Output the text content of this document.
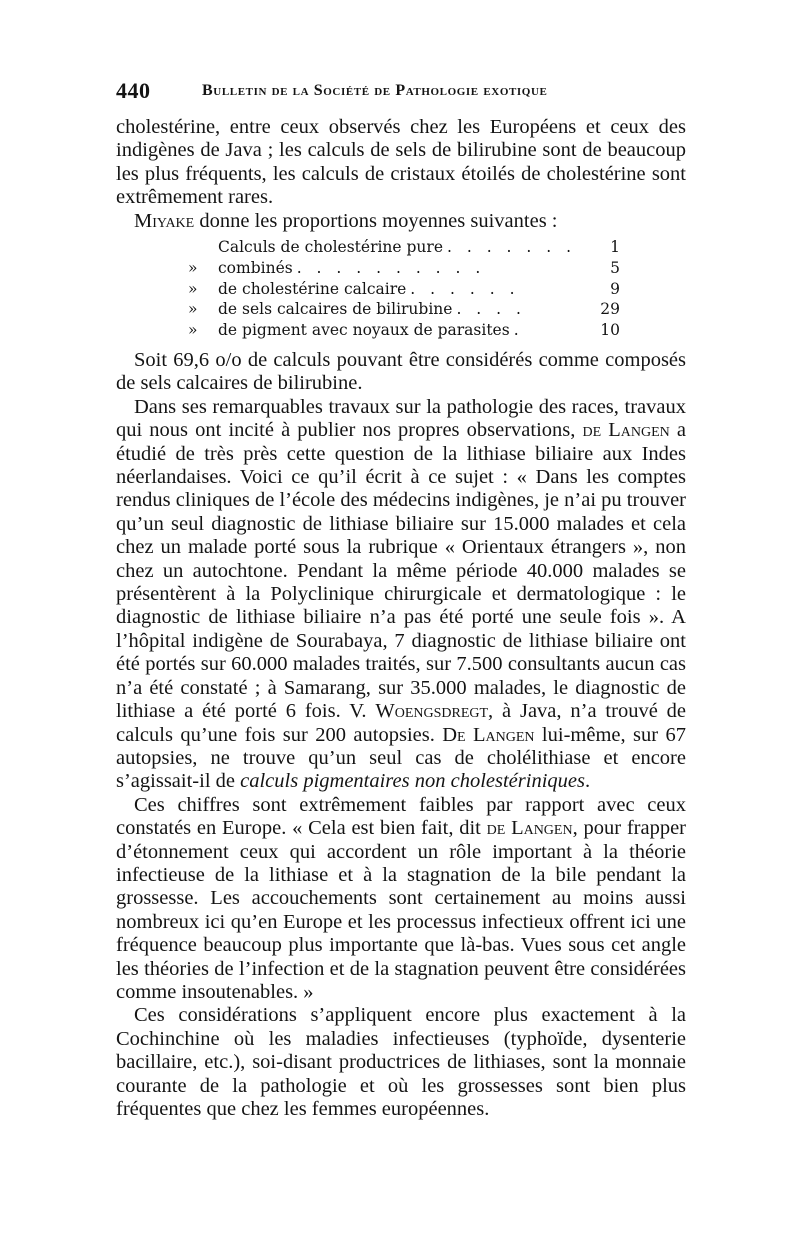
440	Bulletin de la Société de Pathologie exotique

cholestérine, entre ceux observés chez les Européens et ceux des indigènes de Java ; les calculs de sels de bilirubine sont de beaucoup les plus fréquents, les calculs de cristaux étoilés de cholestérine sont extrêmement rares.

Miyake donne les proportions moyennes suivantes :

Calculs de cholestérine pure . . . . . . .	1
»	combinés . . . . . . . . . .	5
»	de cholestérine calcaire . . . . . .	9
»	de sels calcaires de bilirubine . . . .	29
»	de pigment avec noyaux de parasites .	10

Soit 69,6 o/o de calculs pouvant être considérés comme composés de sels calcaires de bilirubine.

Dans ses remarquables travaux sur la pathologie des races, travaux qui nous ont incité à publier nos propres observations, de Langen a étudié de très près cette question de la lithiase biliaire aux Indes néerlandaises. Voici ce qu’il écrit à ce sujet : « Dans les comptes rendus cliniques de l’école des médecins indigènes, je n’ai pu trouver qu’un seul diagnostic de lithiase biliaire sur 15.000 malades et cela chez un malade porté sous la rubrique « Orientaux étrangers », non chez un autochtone. Pendant la même période 40.000 malades se présentèrent à la Polyclinique chirurgicale et dermatologique : le diagnostic de lithiase biliaire n’a pas été porté une seule fois ». A l’hôpital indigène de Sourabaya, 7 diagnostic de lithiase biliaire ont été portés sur 60.000 malades traités, sur 7.500 consultants aucun cas n’a été constaté ; à Samarang, sur 35.000 malades, le diagnostic de lithiase a été porté 6 fois. V. Woengsdregt, à Java, n’a trouvé de calculs qu’une fois sur 200 autopsies. De Langen lui-même, sur 67 autopsies, ne trouve qu’un seul cas de cholélithiase et encore s’agissait-il de calculs pigmentaires non cholestériniques.

Ces chiffres sont extrêmement faibles par rapport avec ceux constatés en Europe. « Cela est bien fait, dit de Langen, pour frapper d’étonnement ceux qui accordent un rôle important à la théorie infectieuse de la lithiase et à la stagnation de la bile pendant la grossesse. Les accouchements sont certainement au moins aussi nombreux ici qu’en Europe et les processus infectieux offrent ici une fréquence beaucoup plus importante que là-bas. Vues sous cet angle les théories de l’infection et de la stagnation peuvent être considérées comme insoutenables. »

Ces considérations s’appliquent encore plus exactement à la Cochinchine où les maladies infectieuses (typhoïde, dysenterie bacillaire, etc.), soi-disant productrices de lithiases, sont la monnaie courante de la pathologie et où les grossesses sont bien plus fréquentes que chez les femmes européennes.
